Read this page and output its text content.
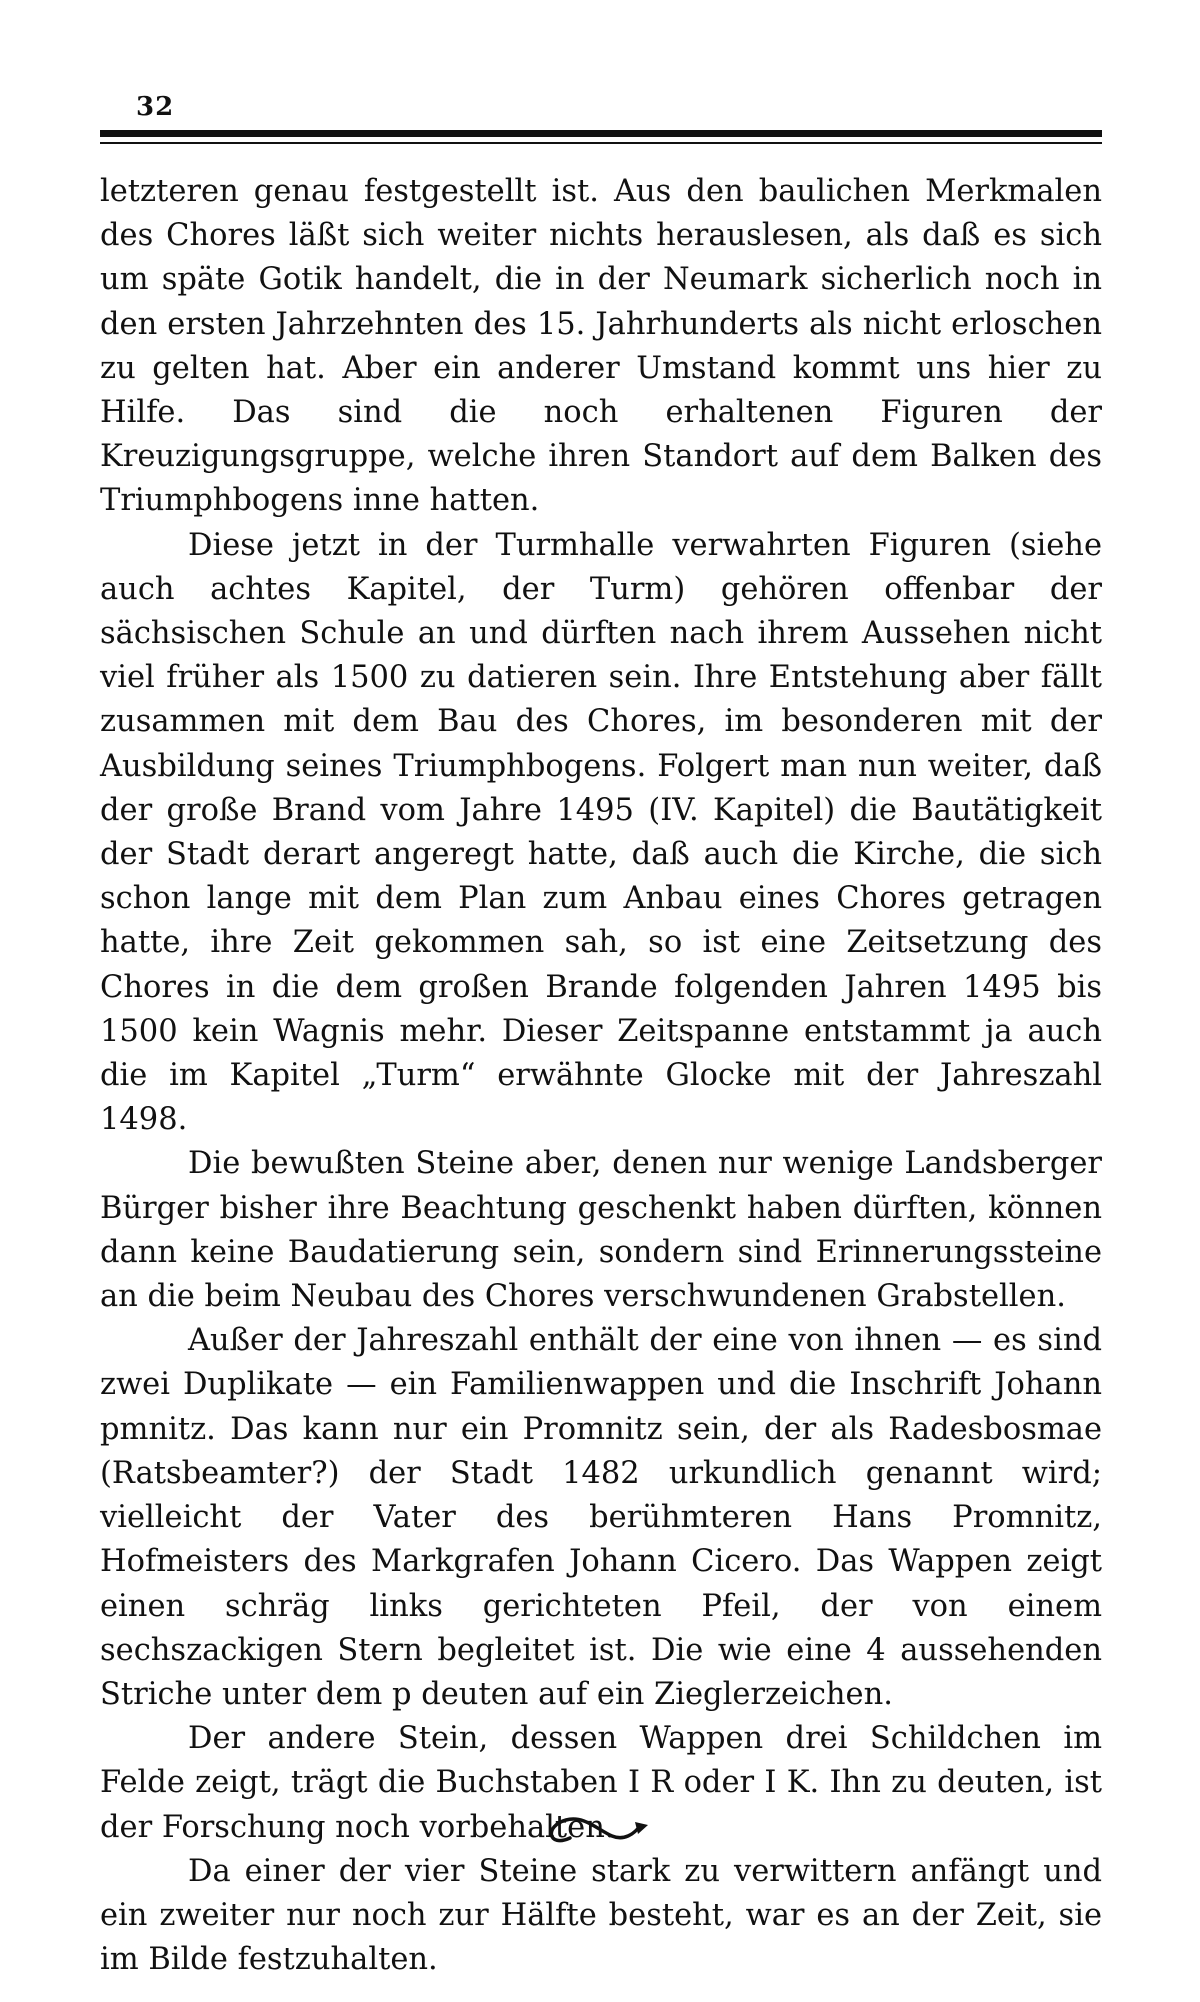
32

letzteren genau festgestellt ist. Aus den baulichen Merkmalen des Chores läßt sich weiter nichts herauslesen, als daß es sich um späte Gotik handelt, die in der Neumark sicherlich noch in den ersten Jahrzehnten des 15. Jahrhunderts als nicht erloschen zu gelten hat. Aber ein anderer Umstand kommt uns hier zu Hilfe. Das sind die noch erhaltenen Figuren der Kreuzigungsgruppe, welche ihren Standort auf dem Balken des Triumphbogens inne hatten.

Diese jetzt in der Turmhalle verwahrten Figuren (siehe auch achtes Kapitel, der Turm) gehören offenbar der sächsischen Schule an und dürften nach ihrem Aussehen nicht viel früher als 1500 zu datieren sein. Ihre Entstehung aber fällt zusammen mit dem Bau des Chores, im besonderen mit der Ausbildung seines Triumphbogens. Folgert man nun weiter, daß der große Brand vom Jahre 1495 (IV. Kapitel) die Bautätigkeit der Stadt derart angeregt hatte, daß auch die Kirche, die sich schon lange mit dem Plan zum Anbau eines Chores getragen hatte, ihre Zeit gekommen sah, so ist eine Zeitsetzung des Chores in die dem großen Brande folgenden Jahren 1495 bis 1500 kein Wagnis mehr. Dieser Zeitspanne entstammt ja auch die im Kapitel „Turm“ erwähnte Glocke mit der Jahreszahl 1498.

Die bewußten Steine aber, denen nur wenige Landsberger Bürger bisher ihre Beachtung geschenkt haben dürften, können dann keine Baudatierung sein, sondern sind Erinnerungssteine an die beim Neubau des Chores verschwundenen Grabstellen.

Außer der Jahreszahl enthält der eine von ihnen — es sind zwei Duplikate — ein Familienwappen und die Inschrift Johann pmnitz. Das kann nur ein Promnitz sein, der als Radesbosmae (Ratsbeamter?) der Stadt 1482 urkundlich genannt wird; vielleicht der Vater des berühmteren Hans Promnitz, Hofmeisters des Markgrafen Johann Cicero. Das Wappen zeigt einen schräg links gerichteten Pfeil, der von einem sechszackigen Stern begleitet ist. Die wie eine 4 aussehenden Striche unter dem p deuten auf ein Zieglerzeichen.

Der andere Stein, dessen Wappen drei Schildchen im Felde zeigt, trägt die Buchstaben I R oder I K. Ihn zu deuten, ist der Forschung noch vorbehalten.

Da einer der vier Steine stark zu verwittern anfängt und ein zweiter nur noch zur Hälfte besteht, war es an der Zeit, sie im Bilde festzuhalten.
